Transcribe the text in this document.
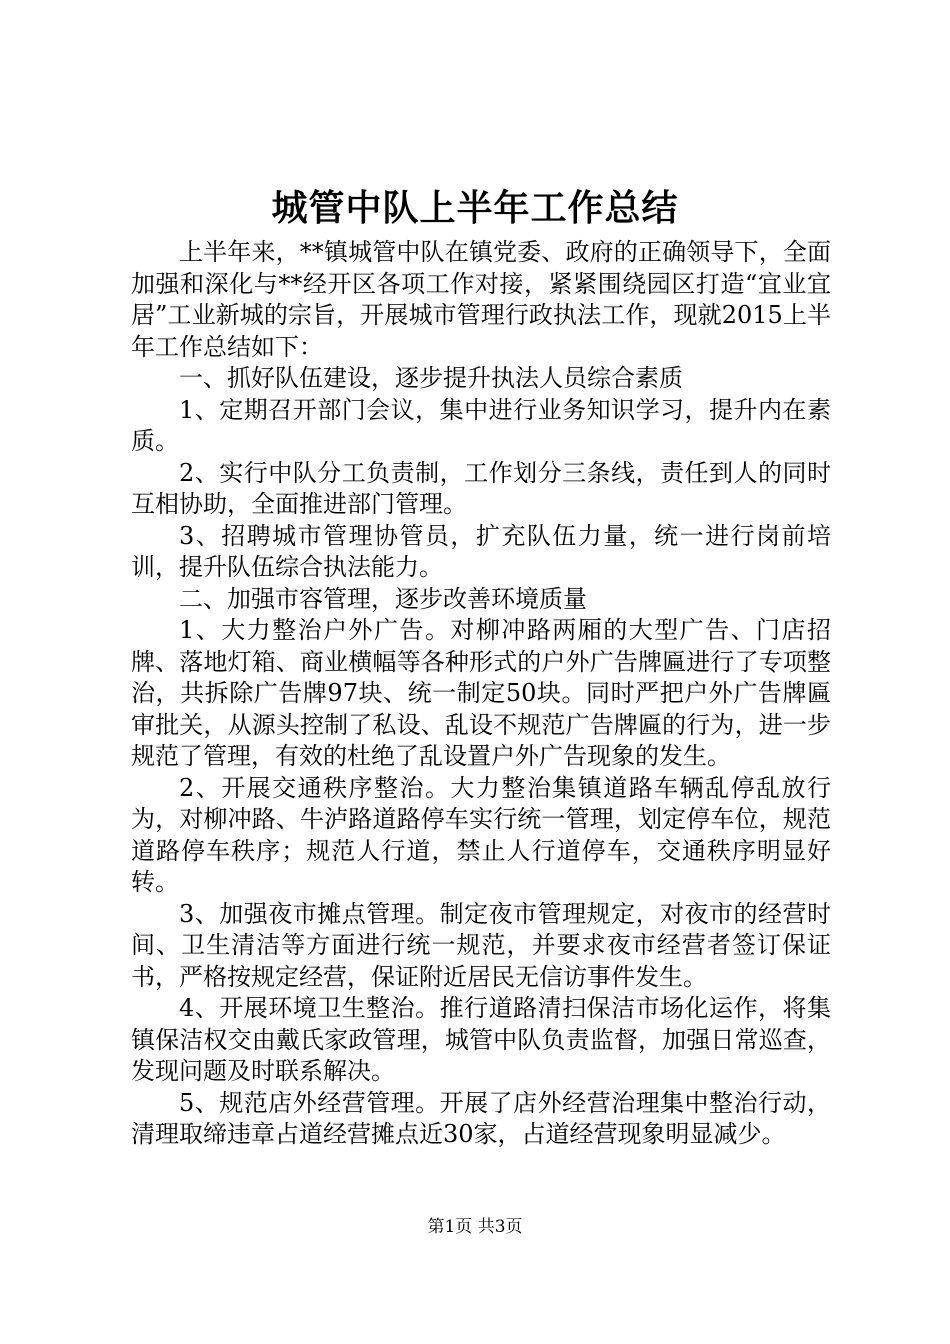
城管中队上半年工作总结

上半年来，**镇城管中队在镇党委、政府的正确领导下，全面加强和深化与**经开区各项工作对接，紧紧围绕园区打造“宜业宜居”工业新城的宗旨，开展城市管理行政执法工作，现就2015上半年工作总结如下：

一、抓好队伍建设，逐步提升执法人员综合素质

1、定期召开部门会议，集中进行业务知识学习，提升内在素质。

2、实行中队分工负责制，工作划分三条线，责任到人的同时互相协助，全面推进部门管理。

3、招聘城市管理协管员，扩充队伍力量，统一进行岗前培训，提升队伍综合执法能力。

二、加强市容管理，逐步改善环境质量

1、大力整治户外广告。对柳冲路两厢的大型广告、门店招牌、落地灯箱、商业横幅等各种形式的户外广告牌匾进行了专项整治，共拆除广告牌97块、统一制定50块。同时严把户外广告牌匾审批关，从源头控制了私设、乱设不规范广告牌匾的行为，进一步规范了管理，有效的杜绝了乱设置户外广告现象的发生。

2、开展交通秩序整治。大力整治集镇道路车辆乱停乱放行为，对柳冲路、牛泸路道路停车实行统一管理，划定停车位，规范道路停车秩序；规范人行道，禁止人行道停车，交通秩序明显好转。

3、加强夜市摊点管理。制定夜市管理规定，对夜市的经营时间、卫生清洁等方面进行统一规范，并要求夜市经营者签订保证书，严格按规定经营，保证附近居民无信访事件发生。

4、开展环境卫生整治。推行道路清扫保洁市场化运作，将集镇保洁权交由戴氏家政管理，城管中队负责监督，加强日常巡查，发现问题及时联系解决。

5、规范店外经营管理。开展了店外经营治理集中整治行动，清理取缔违章占道经营摊点近30家，占道经营现象明显减少。

第1页 共3页
